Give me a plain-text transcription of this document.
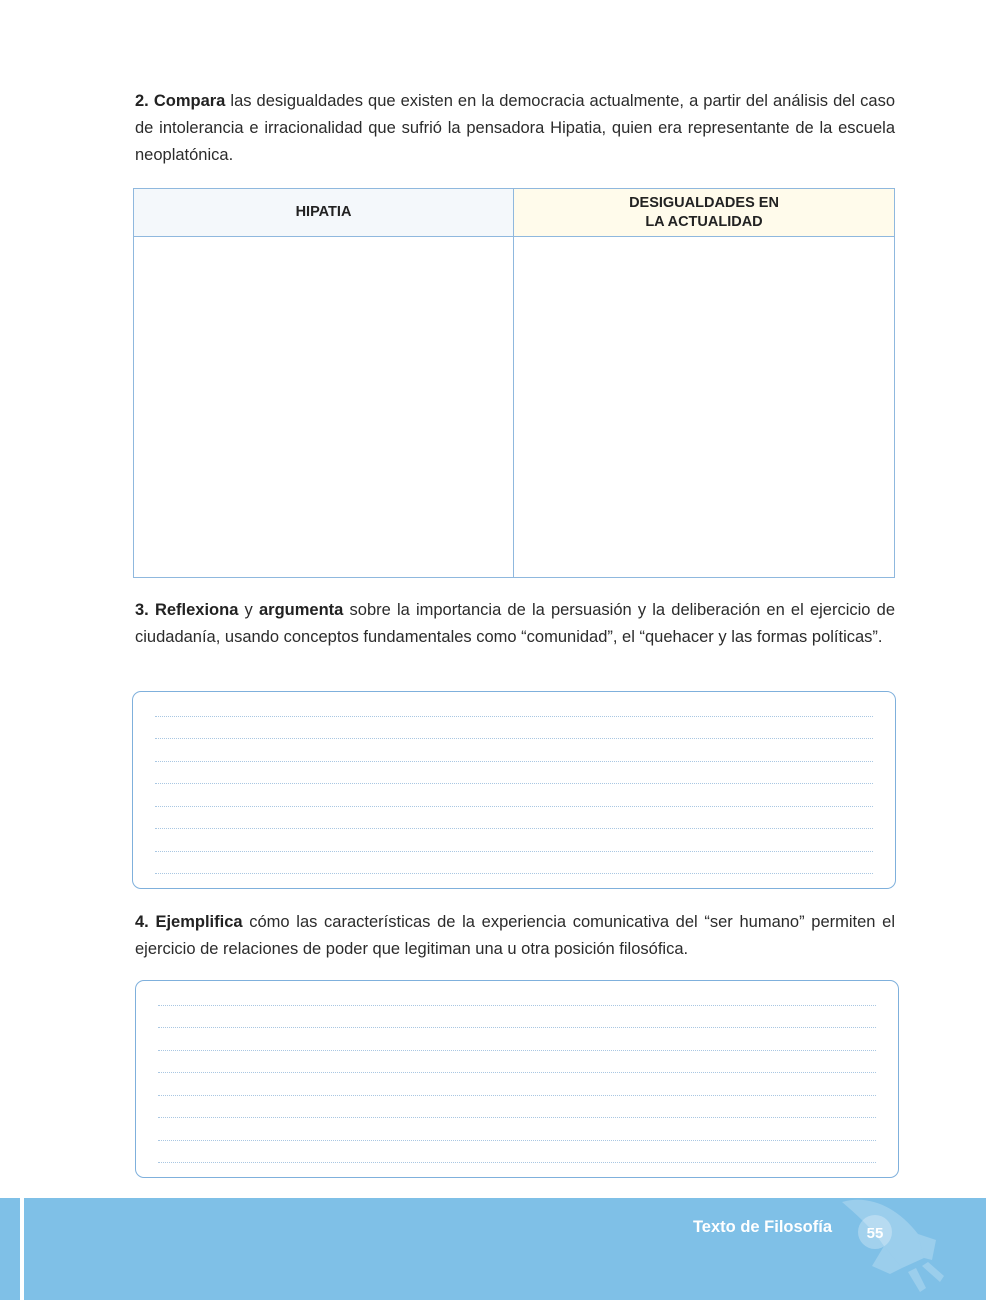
2. Compara las desigualdades que existen en la democracia actualmente, a partir del análisis del caso de intolerancia e irracionalidad que sufrió la pensadora Hipatia, quien era representante de la escuela neoplatónica.
HIPATIA
DESIGUALDADES EN
LA ACTUALIDAD
3. Reflexiona y argumenta sobre la importancia de la persuasión y la deliberación en el ejercicio de ciudadanía, usando conceptos fundamentales como “comunidad”, el “quehacer y las formas políticas”.
4. Ejemplifica cómo las características de la experiencia comunicativa del “ser humano” permiten el ejercicio de relaciones de poder que legitiman una u otra posición filosófica.
Texto de Filosofía	55
